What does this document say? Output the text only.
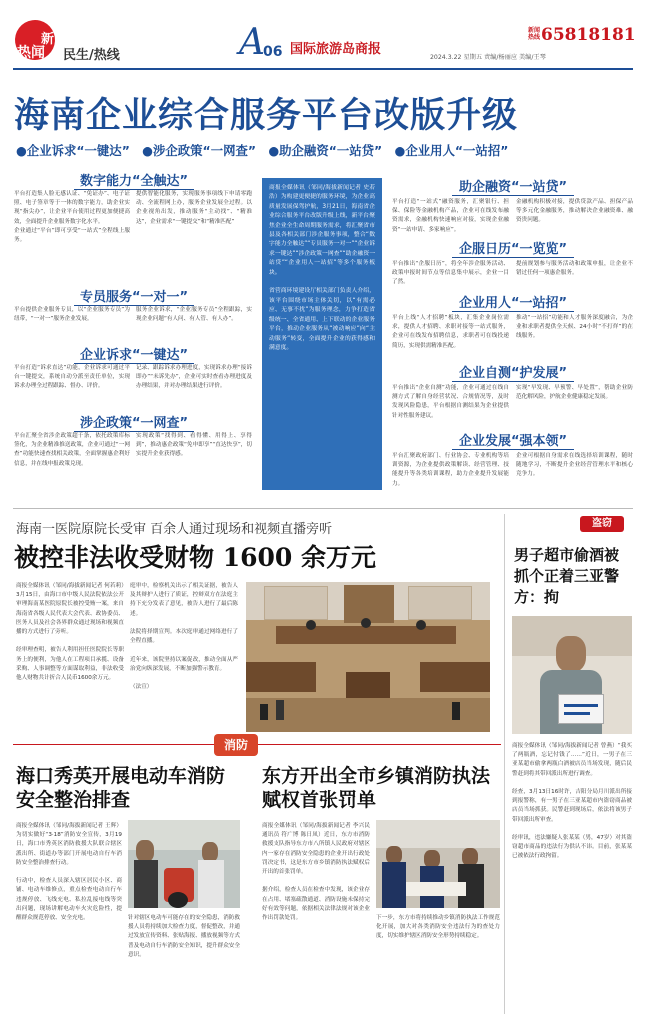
新
热闻 民生/热线	A
06 国际旅游岛商报
新闻热线 65818181
2024.3.22 星期五 责编/杨丽应 美编/王琴
海南企业综合服务平台改版升级
●企业诉求“一键达” ●涉企政策“一网查” ●助企融资“一站贷” ●企业用人“一站招”
数字能力“全触达”
平台打造集人脸无感认证、“免证办”、电子证照、电子签章等于一体的数字能力，助企业实现“指尖办”，让企业平台使用过程更加便捷高效，全面提升企业服务数字化水平。
企业通过“平台”即可享受“一站式”全程线上服务。
提供智能化服务，实现服务事项线下申请零跑动、全流程网上办，服务企业发展全过程。以企业视角出发，推动服务“主动找”、“精准达”，企业需求“一键提交”和“精准匹配”
专员服务“一对一”
平台提供企业服务专员，以“企业服务专员”为纽带，“一对一”服务企业发展。
服务企业诉求，“企业服务专员”全程跟踪，实现企业问题“有人问、有人管、有人办”。
企业诉求“一键达”
平台打造“诉求直达”功能，企业诉求可通过平台一键提交，系统自动分派至责任单位，实现诉求办理全过程跟踪、督办、评价。
记录、跟踪诉求办理进度，实现诉求办理“接诉即办”“未诉先办”，企业可实时查看办理进度及办理结果，并对办理结果进行评价。
涉企政策“一网查”
平台汇聚全省涉企政策超千条，依托政策库标签化，为企业精准推送政策，企业可通过“一网查”功能快速查找相关政策，全面掌握惠企利好信息，并在线申报政策兑现。
实现政策“找得到、看得懂、用得上、享得到”，推动惠企政策“免申即享”“直达快享”，切实提升企业获得感。
商报全媒体讯（邹同/海拔新闻记者 史若浩）为构建更便捷的服务环境，为企业高质量发展保驾护航，3月21日，海南省企业综合服务平台改版升级上线，新平台聚焦企业全生命周期服务需求，将汇聚省市县及各相关部门涉企服务事项，整合“数字能力全触达”“专员服务一对一”“企业诉求一键达”“涉企政策一网查”“助企融资一站贷”“企业用人一站招”等多个服务板块。

省营商环境建设厅相关部门负责人介绍，该平台围绕市场主体关切，以“有需必应、无事不扰”为服务理念，力争打造省级统一、全省通用、上下联动的企业服务平台，推动企业服务从“被动响应”向“主动服务”转变，全面提升企业的获得感和满意度。
助企融资“一站贷”
平台打造“一站式”融资服务，汇聚银行、担保、保险等金融机构产品，企业可在线发布融资需求，金融机构快速响应对接，实现企业融资“一站申请、多家响应”。
金融机构积极对接，提供贷款产品、担保产品等多元化金融服务，推动解决企业融资难、融资贵问题。
企服日历“一览览”
平台推出“企服日历”，将全年涉企服务活动、政策申报时间节点等信息集中展示，企业一目了然。
提前规划参与服务活动和政策申报，让企业不错过任何一项惠企服务。
企业用人“一站招”
平台上线“人才招聘”板块，汇集企业岗位需求，提供人才招聘、求职对接等一站式服务，企业可在线发布招聘信息，求职者可在线投递简历，实现供需精准匹配。
推动“一站招”功能和人才服务深度融合，为企业和求职者提供全天候、24小时“不打烊”的在线服务。
企业自测“护发展”
平台推出“企业自测”功能，企业可通过在线自测方式了解自身经营状况、合规情况等，及时发现风险隐患，平台根据自测结果为企业提供针对性服务建议。
实现“早发现、早预警、早处置”，帮助企业防范化解风险，护航企业健康稳定发展。
企业发展“强本领”
平台汇聚政府部门、行业协会、专业机构等培训资源，为企业提供政策解读、经营管理、技能提升等各类培训课程，助力企业提升发展能力。
企业可根据自身需求在线选择培训课程，随时随地学习，不断提升企业经营管理水平和核心竞争力。
海南一医院原院长受审 百余人通过现场和视频直播旁听
被控非法收受财物 1600 余万元
商报全媒体讯（邹同/海拔新闻记者 何若莉）3月15日，由海口市中级人民法院依法公开审理海南某医院原院长被控受贿一案，来自海南省各级人民代表大会代表、政协委员、医务人员及社会各界群众通过现场和视频直播的方式进行了旁听。

经审理查明，被告人利用担任医院院长等职务上的便利，为他人在工程项目承揽、设备采购、人事调整等方面谋取利益，非法收受他人财物共计折合人民币1600余万元。
庭审中，检察机关出示了相关证据，被告人及其辩护人进行了质证，控辩双方在法庭主持下充分发表了意见，被告人进行了最后陈述。

法院将择期宣判。本次庭审通过网络进行了全程直播。

近年来，该院坚持以案促改，推动全面从严治党向纵深发展，不断加强警示教育。

（法宣）
盗窃
男子超市偷酒被抓个正着三亚警方：拘
商报全媒体讯（邹同/海拔新闻记者 曾燕）“我买了两瓶酒，忘记付钱了……”近日，一男子在三亚某超市偷拿两瓶白酒被店员当场发现，随后民警赶到将其带回派出所进行调查。

经查，3月13日16时许，吉阳分局月川派出所接到报警称，有一男子在三亚某超市内盗窃商品被店员当场抓获。民警赶到现场后，依法将该男子带回派出所审查。

经审讯，违法嫌疑人张某某（男，47岁）对其盗窃超市商品的违法行为供认不讳。目前，张某某已被依法行政拘留。
消防
海口秀英开展电动车消防安全整治排查
商报全媒体讯（邹同/海拔新闻记者 王辉）为切实做好“3·18”消防安全宣传，3月19日，海口市秀英区消防救援大队联合辖区派出所、街道办等部门开展电动自行车消防安全整治排查行动。

行动中，检查人员深入辖区居民小区、商铺、电动车维修点，重点检查电动自行车违规停放、飞线充电、私拉乱接电线等突出问题，现场讲解电动车火灾危险性，提醒群众规范停放、安全充电。	针对辖区电动车可能存在的安全隐患，消防救援人员将持续加大检查力度，督促整改，并通过发放宣传资料、张贴海报、播放视频等方式普及电动自行车消防安全知识，提升群众安全意识。
东方开出全市乡镇消防执法赋权首张罚单
商报全媒体讯（邹同/海拔新闻记者 李兴民 通讯员 符广博 陈日凤）近日，东方市消防救援支队指导东方市八所镇人民政府对辖区内一家存在消防安全隐患的企业开出行政处罚决定书，这是东方市乡镇消防执法赋权后开出的首张罚单。

据介绍，检查人员在检查中发现，该企业存在占用、堵塞疏散通道、消防设施未保持完好有效等问题，依据相关法律法规对该企业作出罚款处罚。	下一步，东方市将持续推动乡镇消防执法工作规范化开展，加大对各类消防安全违法行为的查处力度，切实维护辖区消防安全形势持续稳定。
